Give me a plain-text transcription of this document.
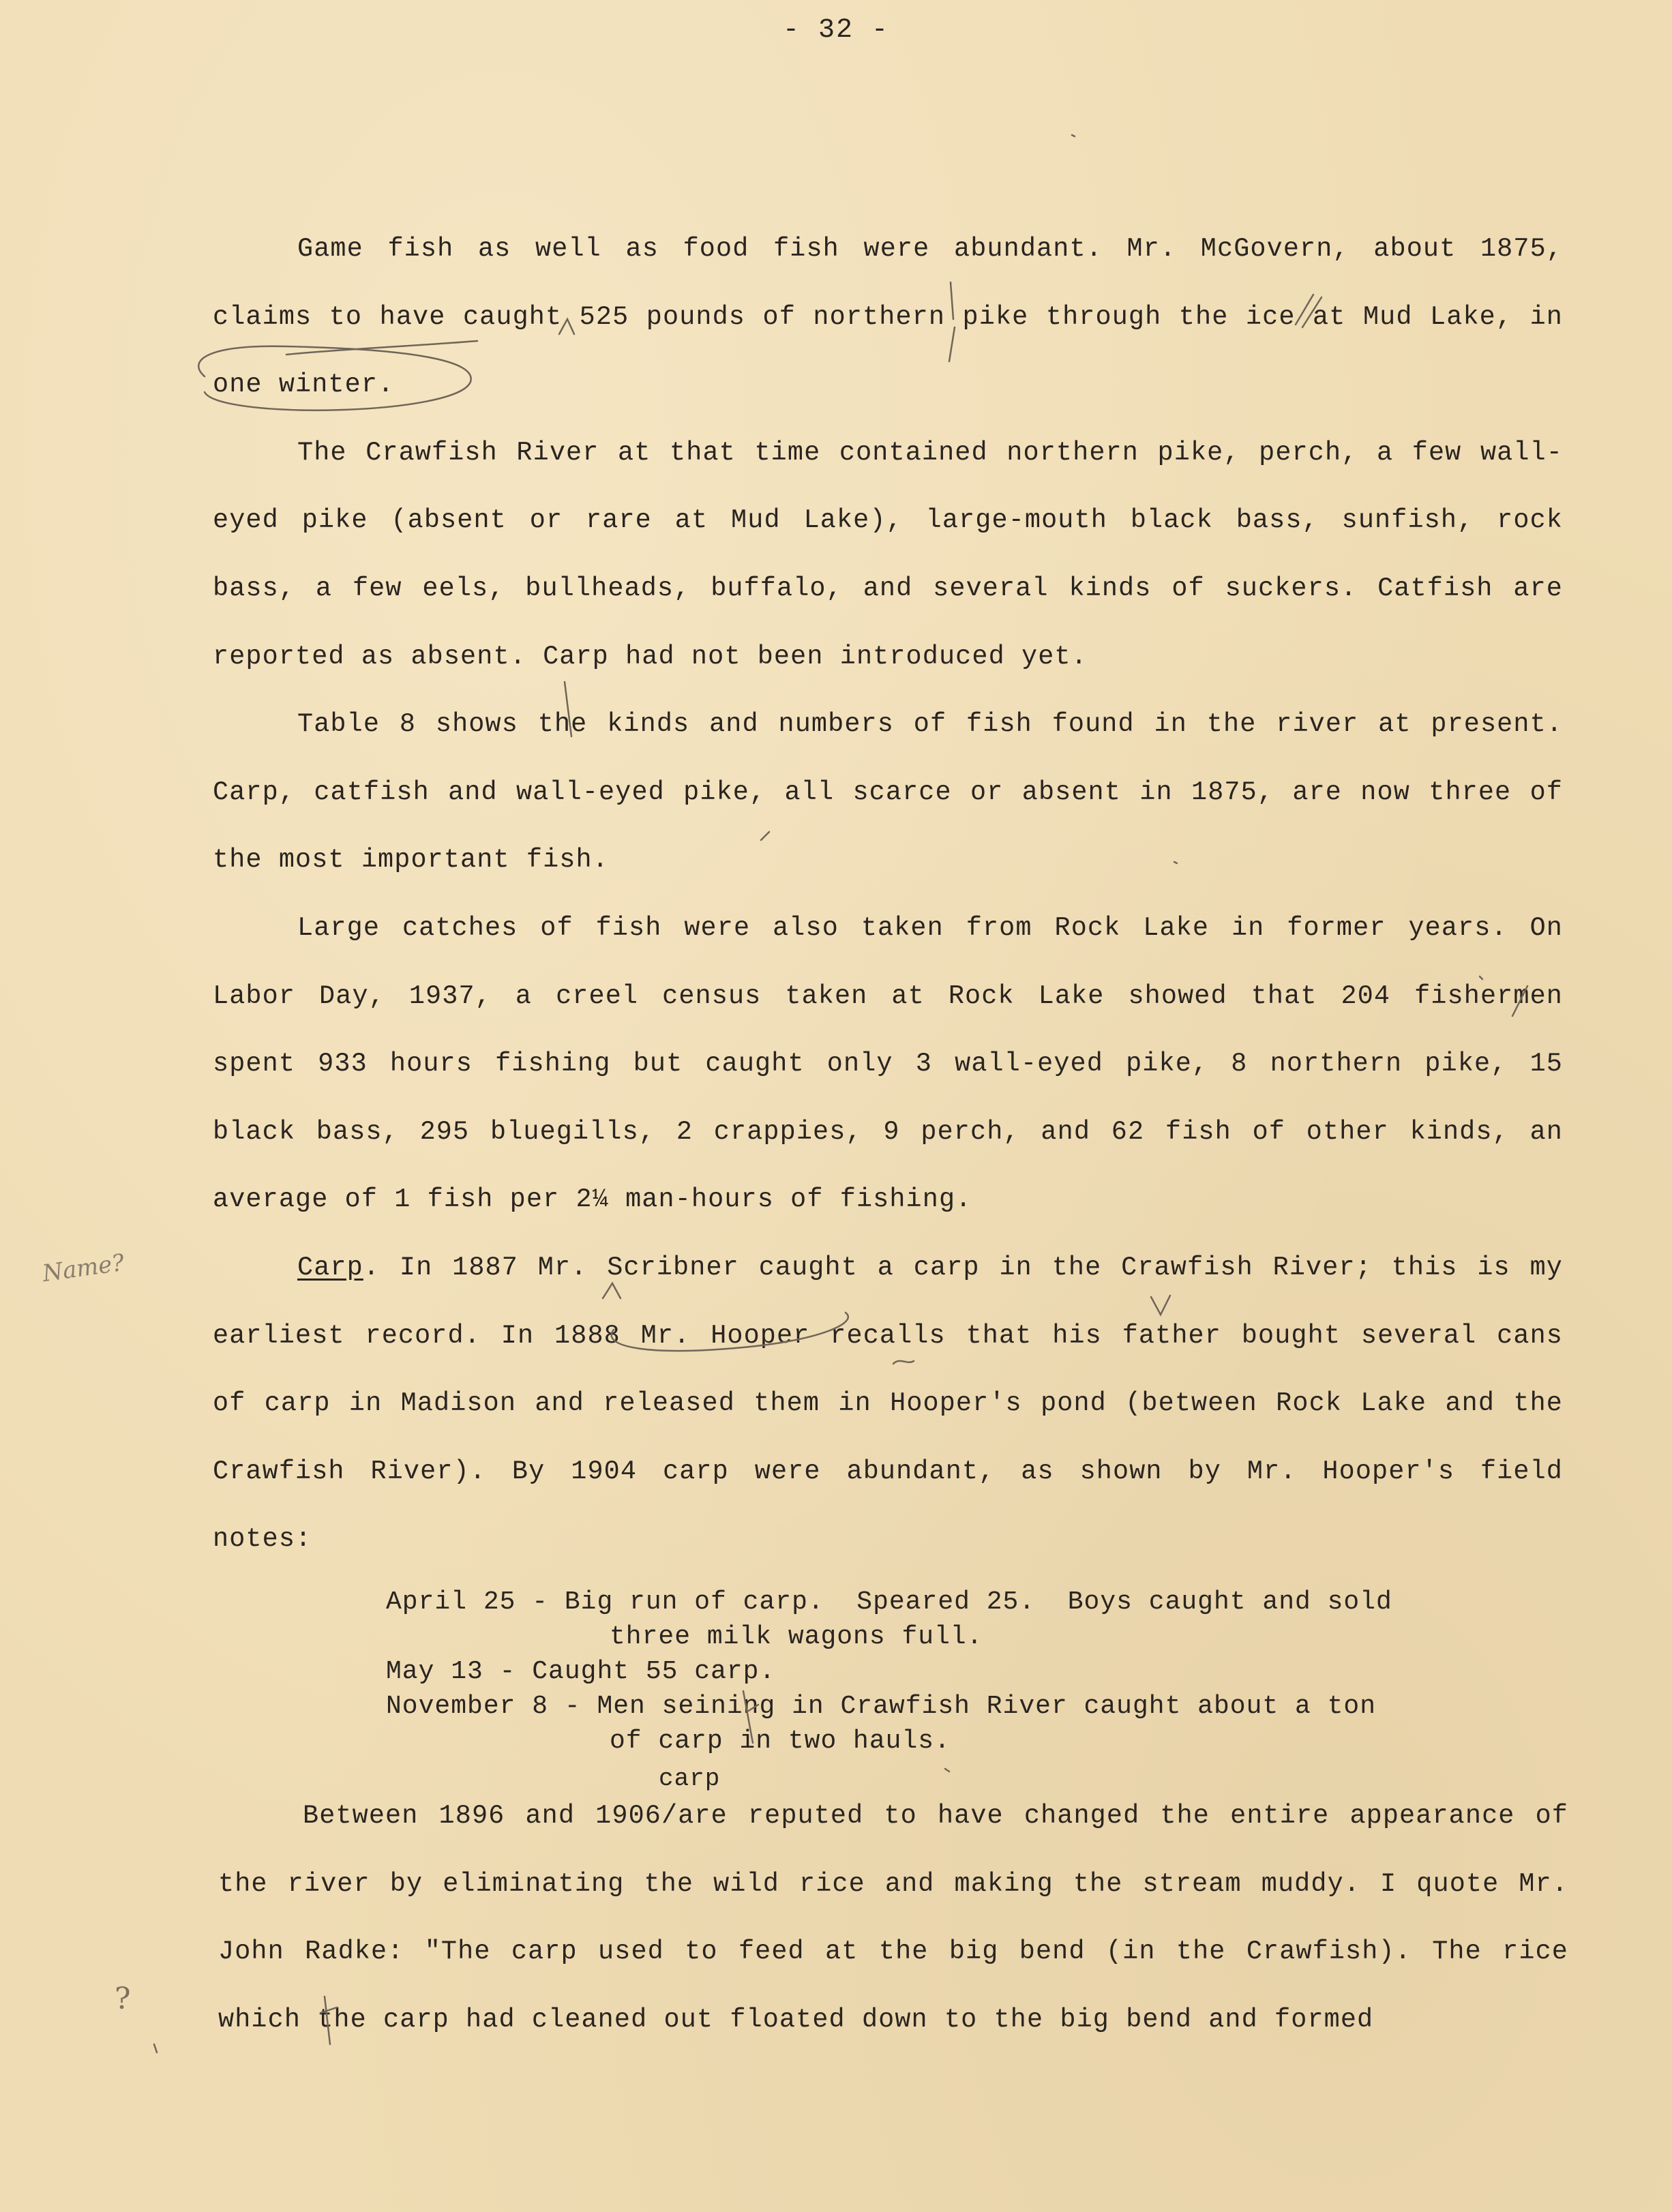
- 32 -

Game fish as well as food fish were abundant. Mr. McGovern, about 1875, claims to have caught 525 pounds of northern pike through the ice at Mud Lake, in one winter.

The Crawfish River at that time contained northern pike, perch, a few wall-eyed pike (absent or rare at Mud Lake), large-mouth black bass, sunfish, rock bass, a few eels, bullheads, buffalo, and several kinds of suckers. Catfish are reported as absent. Carp had not been introduced yet.

Table 8 shows the kinds and numbers of fish found in the river at present. Carp, catfish and wall-eyed pike, all scarce or absent in 1875, are now three of the most important fish.

Large catches of fish were also taken from Rock Lake in former years. On Labor Day, 1937, a creel census taken at Rock Lake showed that 204 fishermen spent 933 hours fishing but caught only 3 wall-eyed pike, 8 northern pike, 15 black bass, 295 bluegills, 2 crappies, 9 perch, and 62 fish of other kinds, an average of 1 fish per 2¼ man-hours of fishing.

Carp. In 1887 Mr. Scribner caught a carp in the Crawfish River; this is my earliest record. In 1888 Mr. Hooper recalls that his father bought several cans of carp in Madison and released them in Hooper's pond (between Rock Lake and the Crawfish River). By 1904 carp were abundant, as shown by Mr. Hooper's field notes:

April 25 - Big run of carp.  Speared 25.  Boys caught and sold

three milk wagons full.

May 13 - Caught 55 carp.

November 8 - Men seining in Crawfish River caught about a ton

of carp in two hauls.

carp

Between 1896 and 1906/are reputed to have changed the entire appearance of the river by eliminating the wild rice and making the stream muddy. I quote Mr. John Radke: "The carp used to feed at the big bend (in the Crawfish). The rice which the carp had cleaned out floated down to the big bend and formed

Name?
?
